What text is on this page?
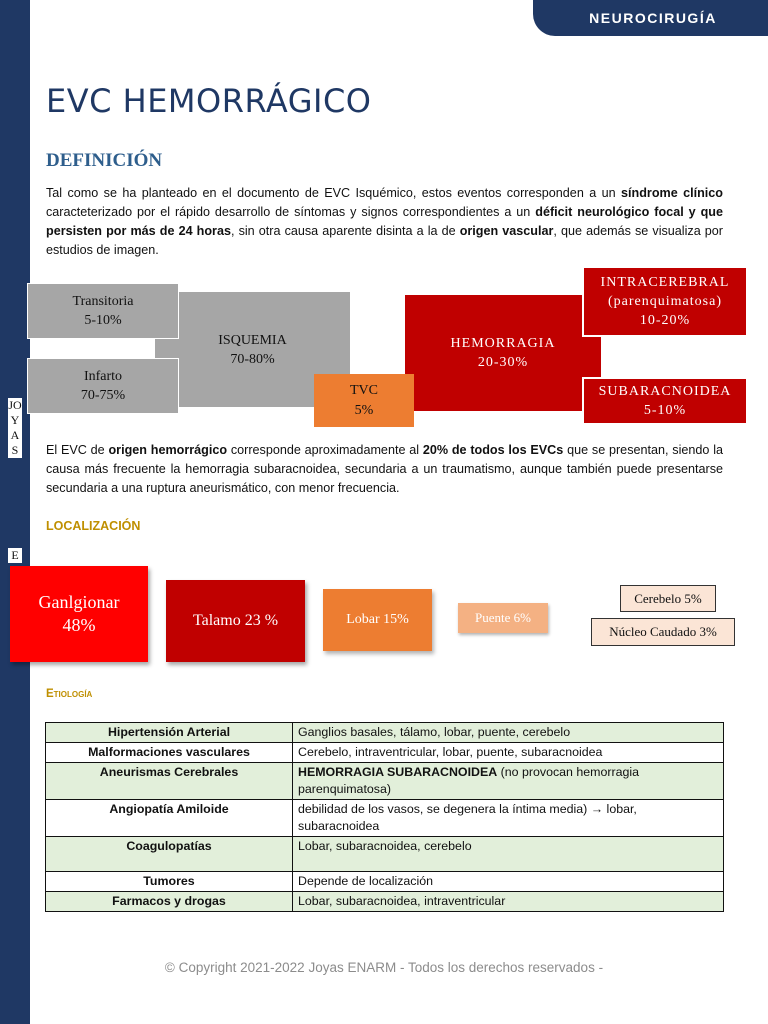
JOYAS
E
NEUROCIRUGÍA
EVC HEMORRÁGICO
DEFINICIÓN
Tal como se ha planteado en el documento de EVC Isquémico, estos eventos corresponden a un síndrome clínico caracteterizado por el rápido desarrollo de síntomas y signos correspondientes a un déficit neurológico focal y que persisten por más de 24 horas, sin otra causa aparente disinta a la de origen vascular, que además se visualiza por estudios de imagen.
ISQUEMIA
70-80%
Transitoria
5-10%
Infarto
70-75%
HEMORRAGIA
20-30%
TVC
5%
INTRACEREBRAL
(parenquimatosa)
10-20%
SUBARACNOIDEA
5-10%
El EVC de origen hemorrágico corresponde aproximadamente al 20% de todos los EVCs que se presentan, siendo la causa más frecuente la hemorragia subaracnoidea, secundaria a un traumatismo, aunque también puede presentarse secundaria a una ruptura aneurismático, con menor frecuencia.
LOCALIZACIÓN
Ganlgionar
48%	Talamo 23 %	Lobar 15%	Puente 6%
Cerebelo 5%
Núcleo Caudado 3%
Etiología
Hipertensión Arterial	Ganglios basales, tálamo, lobar, puente, cerebelo
Malformaciones vasculares	Cerebelo, intraventricular, lobar, puente, subaracnoidea
Aneurismas Cerebrales	HEMORRAGIA SUBARACNOIDEA (no provocan hemorragia parenquimatosa)
Angiopatía Amiloide	debilidad de los vasos, se degenera la íntima media) → lobar, subaracnoidea
Coagulopatías	Lobar, subaracnoidea, cerebelo
Tumores	Depende de localización
Farmacos y drogas	Lobar, subaracnoidea, intraventricular
© Copyright 2021-2022 Joyas ENARM - Todos los derechos reservados -
